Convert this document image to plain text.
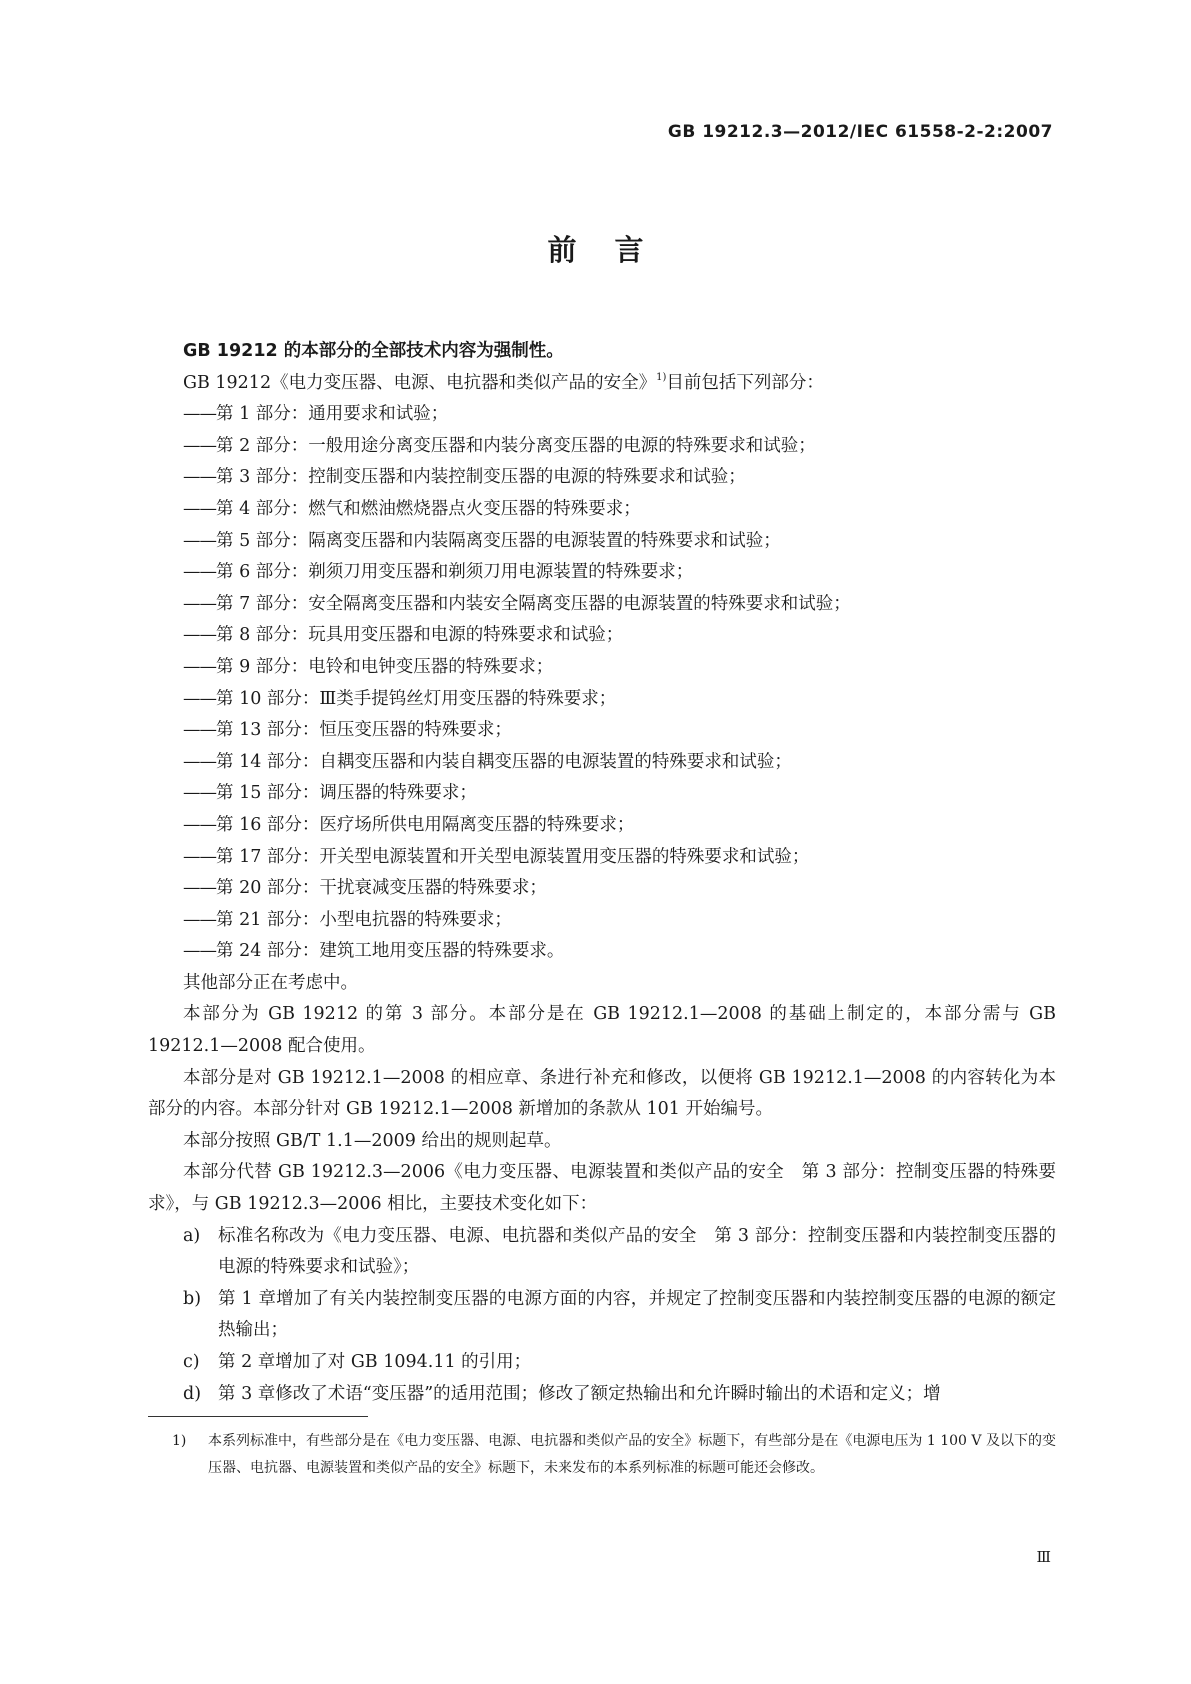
GB 19212.3—2012/IEC 61558-2-2:2007
前言

GB 19212 的本部分的全部技术内容为强制性。

GB 19212《电力变压器、电源、电抗器和类似产品的安全》$^{1)}$目前包括下列部分：

——第 1 部分：通用要求和试验；

——第 2 部分：一般用途分离变压器和内装分离变压器的电源的特殊要求和试验；

——第 3 部分：控制变压器和内装控制变压器的电源的特殊要求和试验；

——第 4 部分：燃气和燃油燃烧器点火变压器的特殊要求；

——第 5 部分：隔离变压器和内装隔离变压器的电源装置的特殊要求和试验；

——第 6 部分：剃须刀用变压器和剃须刀用电源装置的特殊要求；

——第 7 部分：安全隔离变压器和内装安全隔离变压器的电源装置的特殊要求和试验；

——第 8 部分：玩具用变压器和电源的特殊要求和试验；

——第 9 部分：电铃和电钟变压器的特殊要求；

——第 10 部分：Ⅲ类手提钨丝灯用变压器的特殊要求；

——第 13 部分：恒压变压器的特殊要求；

——第 14 部分：自耦变压器和内装自耦变压器的电源装置的特殊要求和试验；

——第 15 部分：调压器的特殊要求；

——第 16 部分：医疗场所供电用隔离变压器的特殊要求；

——第 17 部分：开关型电源装置和开关型电源装置用变压器的特殊要求和试验；

——第 20 部分：干扰衰减变压器的特殊要求；

——第 21 部分：小型电抗器的特殊要求；

——第 24 部分：建筑工地用变压器的特殊要求。

其他部分正在考虑中。

本部分为 GB 19212 的第 3 部分。本部分是在 GB 19212.1—2008 的基础上制定的，本部分需与 GB 19212.1—2008 配合使用。

本部分是对 GB 19212.1—2008 的相应章、条进行补充和修改，以便将 GB 19212.1—2008 的内容转化为本部分的内容。本部分针对 GB 19212.1—2008 新增加的条款从 101 开始编号。

本部分按照 GB/T 1.1—2009 给出的规则起草。

本部分代替 GB 19212.3—2006《电力变压器、电源装置和类似产品的安全　第 3 部分：控制变压器的特殊要求》，与 GB 19212.3—2006 相比，主要技术变化如下：

a)	标准名称改为《电力变压器、电源、电抗器和类似产品的安全　第 3 部分：控制变压器和内装控制变压器的电源的特殊要求和试验》；
b) 第 1 章增加了有关内装控制变压器的电源方面的内容，并规定了控制变压器和内装控制变压器的电源的额定热输出；
c)	第 2 章增加了对 GB 1094.11 的引用；
d) 第 3 章修改了术语“变压器”的适用范围；修改了额定热输出和允许瞬时输出的术语和定义；增
1)	本系列标准中，有些部分是在《电力变压器、电源、电抗器和类似产品的安全》标题下，有些部分是在《电源电压为 1 100 V 及以下的变压器、电抗器、电源装置和类似产品的安全》标题下，未来发布的本系列标准的标题可能还会修改。
Ⅲ
